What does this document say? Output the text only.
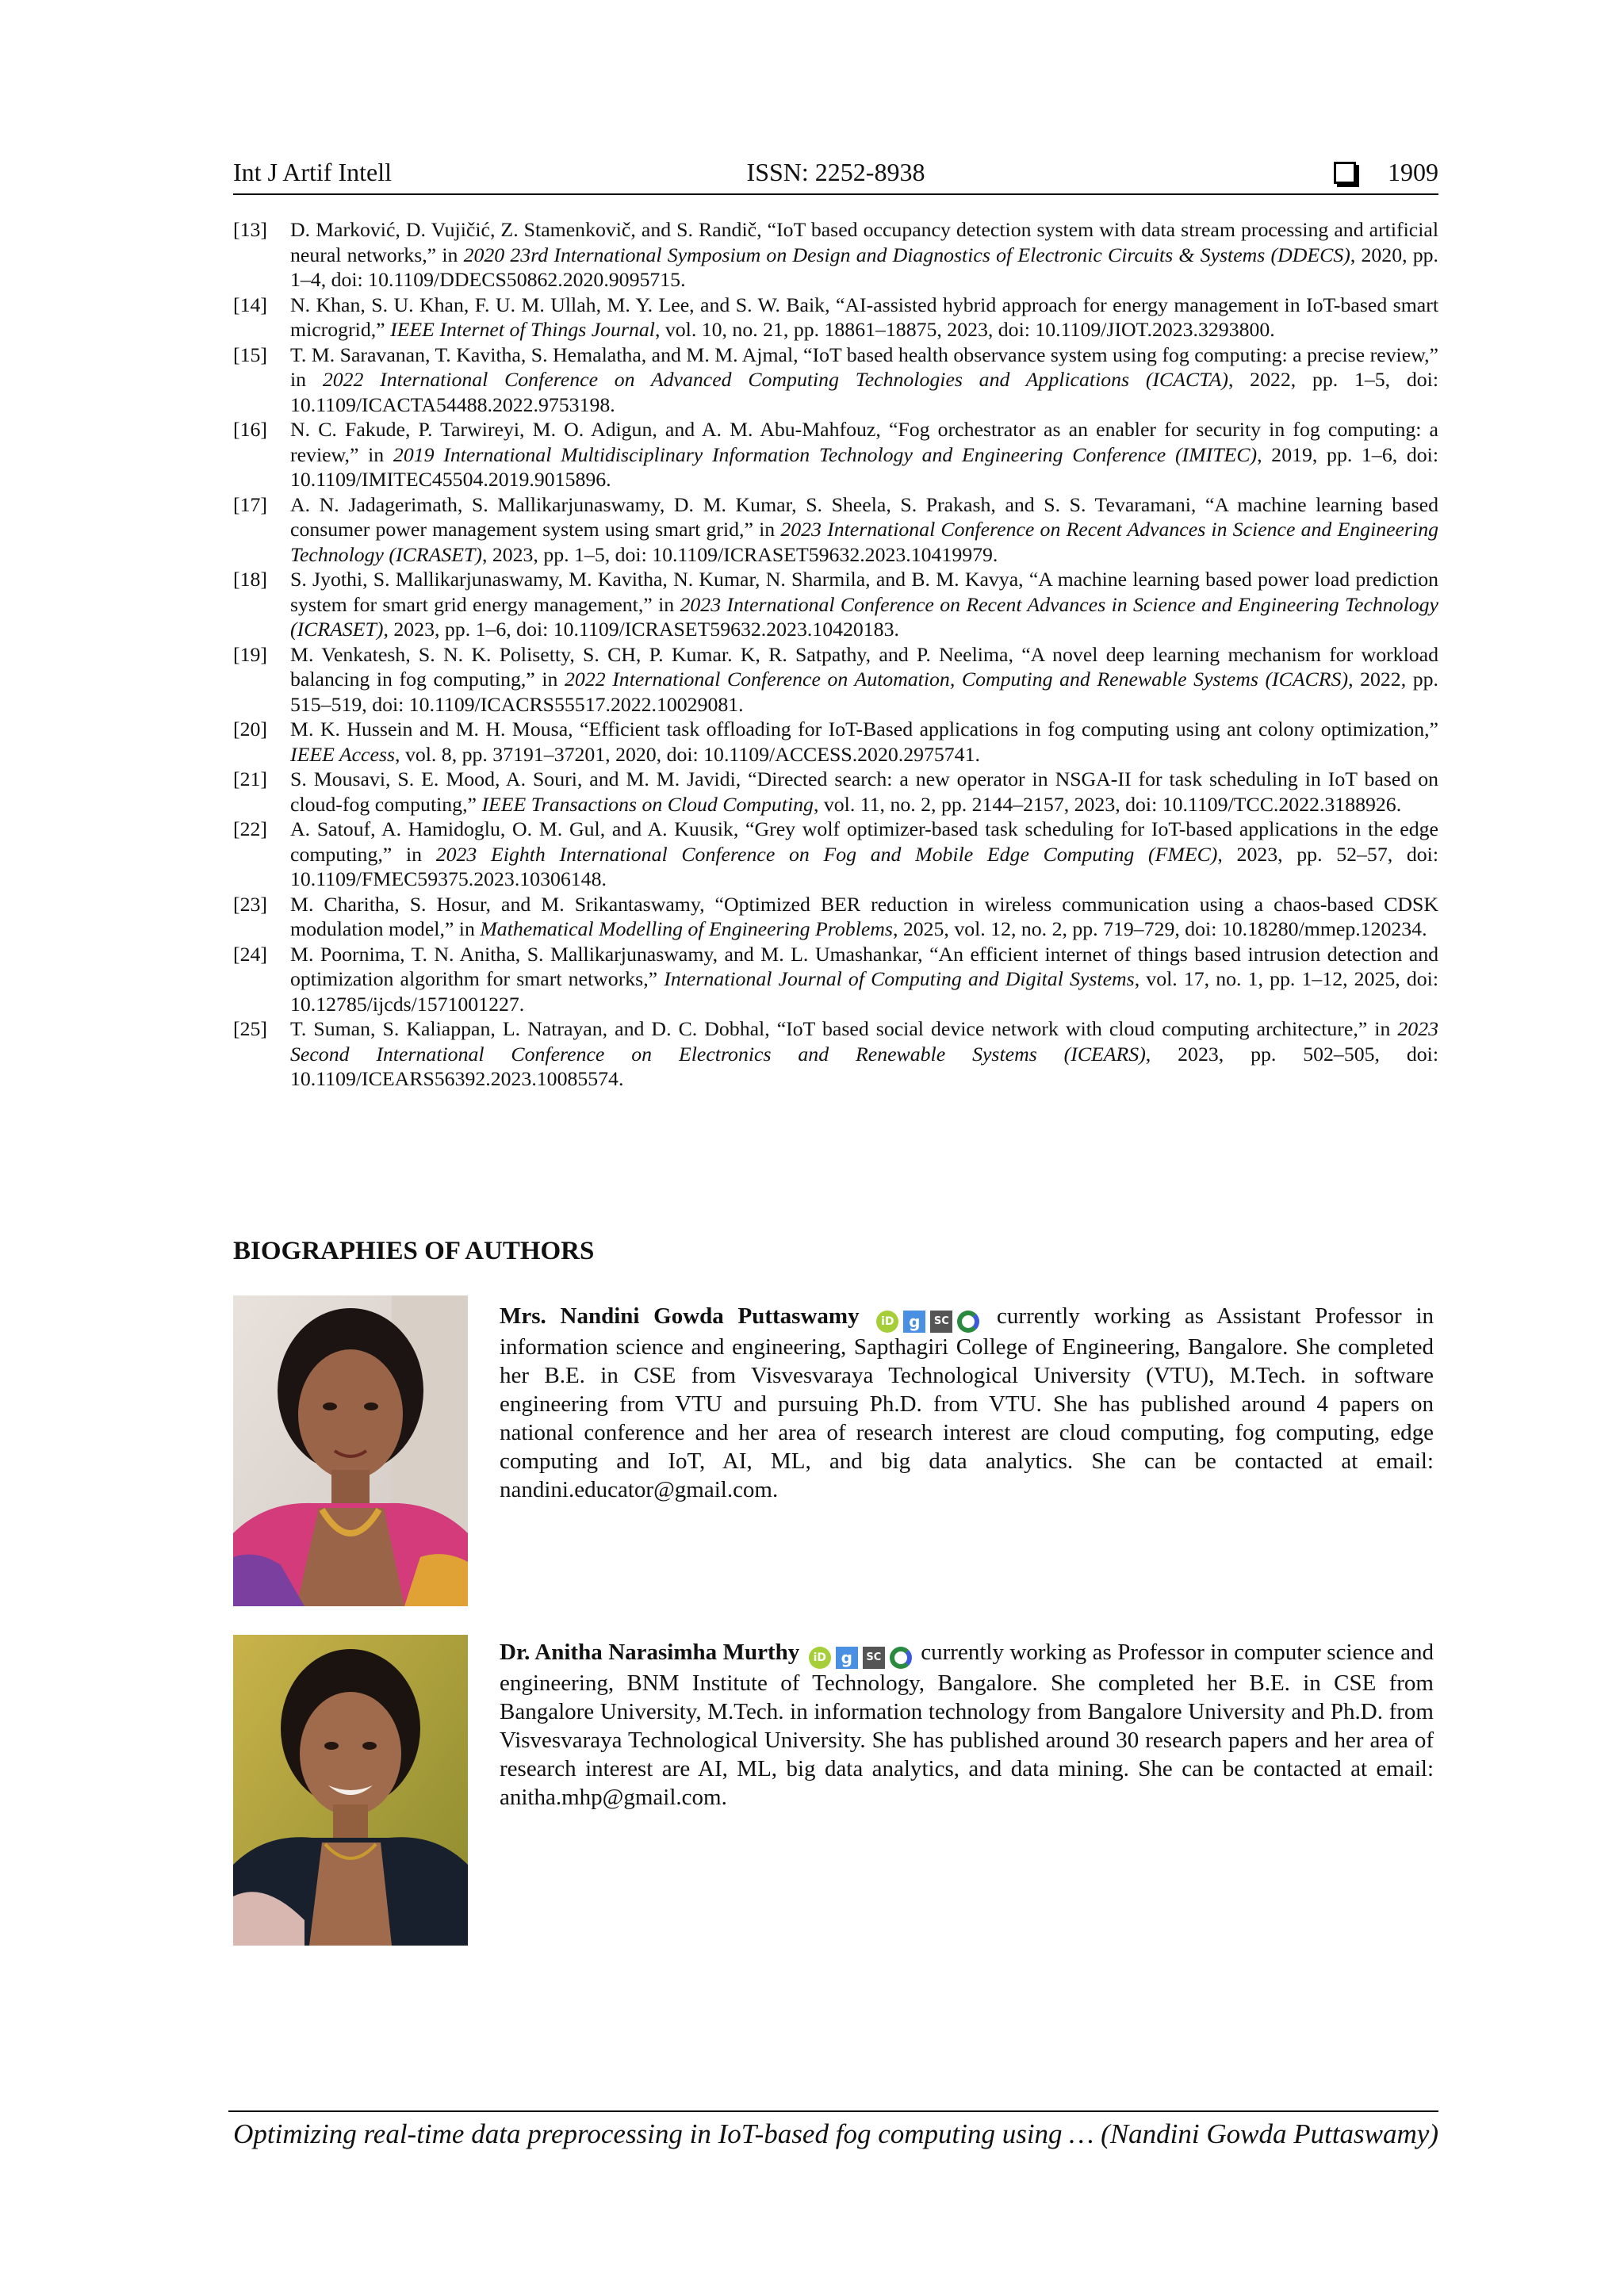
Int J Artif Intell	ISSN: 2252-8938	1909
[13]	D. Marković, D. Vujičić, Z. Stamenkovič, and S. Randič, “IoT based occupancy detection system with data stream processing and artificial neural networks,” in 2020 23rd International Symposium on Design and Diagnostics of Electronic Circuits & Systems (DDECS), 2020, pp. 1–4, doi: 10.1109/DDECS50862.2020.9095715.
[14]	N. Khan, S. U. Khan, F. U. M. Ullah, M. Y. Lee, and S. W. Baik, “AI-assisted hybrid approach for energy management in IoT-based smart microgrid,” IEEE Internet of Things Journal, vol. 10, no. 21, pp. 18861–18875, 2023, doi: 10.1109/JIOT.2023.3293800.
[15]	T. M. Saravanan, T. Kavitha, S. Hemalatha, and M. M. Ajmal, “IoT based health observance system using fog computing: a precise review,” in 2022 International Conference on Advanced Computing Technologies and Applications (ICACTA), 2022, pp. 1–5, doi: 10.1109/ICACTA54488.2022.9753198.
[16]	N. C. Fakude, P. Tarwireyi, M. O. Adigun, and A. M. Abu-Mahfouz, “Fog orchestrator as an enabler for security in fog computing: a review,” in 2019 International Multidisciplinary Information Technology and Engineering Conference (IMITEC), 2019, pp. 1–6, doi: 10.1109/IMITEC45504.2019.9015896.
[17]	A. N. Jadagerimath, S. Mallikarjunaswamy, D. M. Kumar, S. Sheela, S. Prakash, and S. S. Tevaramani, “A machine learning based consumer power management system using smart grid,” in 2023 International Conference on Recent Advances in Science and Engineering Technology (ICRASET), 2023, pp. 1–5, doi: 10.1109/ICRASET59632.2023.10419979.
[18]	S. Jyothi, S. Mallikarjunaswamy, M. Kavitha, N. Kumar, N. Sharmila, and B. M. Kavya, “A machine learning based power load prediction system for smart grid energy management,” in 2023 International Conference on Recent Advances in Science and Engineering Technology (ICRASET), 2023, pp. 1–6, doi: 10.1109/ICRASET59632.2023.10420183.
[19]	M. Venkatesh, S. N. K. Polisetty, S. CH, P. Kumar. K, R. Satpathy, and P. Neelima, “A novel deep learning mechanism for workload balancing in fog computing,” in 2022 International Conference on Automation, Computing and Renewable Systems (ICACRS), 2022, pp. 515–519, doi: 10.1109/ICACRS55517.2022.10029081.
[20]	M. K. Hussein and M. H. Mousa, “Efficient task offloading for IoT-Based applications in fog computing using ant colony optimization,” IEEE Access, vol. 8, pp. 37191–37201, 2020, doi: 10.1109/ACCESS.2020.2975741.
[21]	S. Mousavi, S. E. Mood, A. Souri, and M. M. Javidi, “Directed search: a new operator in NSGA-II for task scheduling in IoT based on cloud-fog computing,” IEEE Transactions on Cloud Computing, vol. 11, no. 2, pp. 2144–2157, 2023, doi: 10.1109/TCC.2022.3188926.
[22]	A. Satouf, A. Hamidoglu, O. M. Gul, and A. Kuusik, “Grey wolf optimizer-based task scheduling for IoT-based applications in the edge computing,” in 2023 Eighth International Conference on Fog and Mobile Edge Computing (FMEC), 2023, pp. 52–57, doi: 10.1109/FMEC59375.2023.10306148.
[23]	M. Charitha, S. Hosur, and M. Srikantaswamy, “Optimized BER reduction in wireless communication using a chaos-based CDSK modulation model,” in Mathematical Modelling of Engineering Problems, 2025, vol. 12, no. 2, pp. 719–729, doi: 10.18280/mmep.120234.
[24]	M. Poornima, T. N. Anitha, S. Mallikarjunaswamy, and M. L. Umashankar, “An efficient internet of things based intrusion detection and optimization algorithm for smart networks,” International Journal of Computing and Digital Systems, vol. 17, no. 1, pp. 1–12, 2025, doi: 10.12785/ijcds/1571001227.
[25]	T. Suman, S. Kaliappan, L. Natrayan, and D. C. Dobhal, “IoT based social device network with cloud computing architecture,” in 2023 Second International Conference on Electronics and Renewable Systems (ICEARS), 2023, pp. 502–505, doi: 10.1109/ICEARS56392.2023.10085574.
BIOGRAPHIES OF AUTHORS
Mrs. Nandini Gowda Puttaswamy	iD g	SC currently working as Assistant Professor in information science and engineering, Sapthagiri College of Engineering, Bangalore. She completed her B.E. in CSE from Visvesvaraya Technological University (VTU), M.Tech. in software engineering from VTU and pursuing Ph.D. from VTU. She has published around 4 papers on national conference and her area of research interest are cloud computing, fog computing, edge computing and IoT, AI, ML, and big data analytics. She can be contacted at email: nandini.educator@gmail.com.
Dr. Anitha Narasimha Murthy	iD g	SC currently working as Professor in computer science and engineering, BNM Institute of Technology, Bangalore. She completed her B.E. in CSE from Bangalore University, M.Tech. in information technology from Bangalore University and Ph.D. from Visvesvaraya Technological University. She has published around 30 research papers and her area of research interest are AI, ML, big data analytics, and data mining. She can be contacted at email: anitha.mhp@gmail.com.
Optimizing real-time data preprocessing in IoT-based fog computing using … (Nandini Gowda Puttaswamy)
